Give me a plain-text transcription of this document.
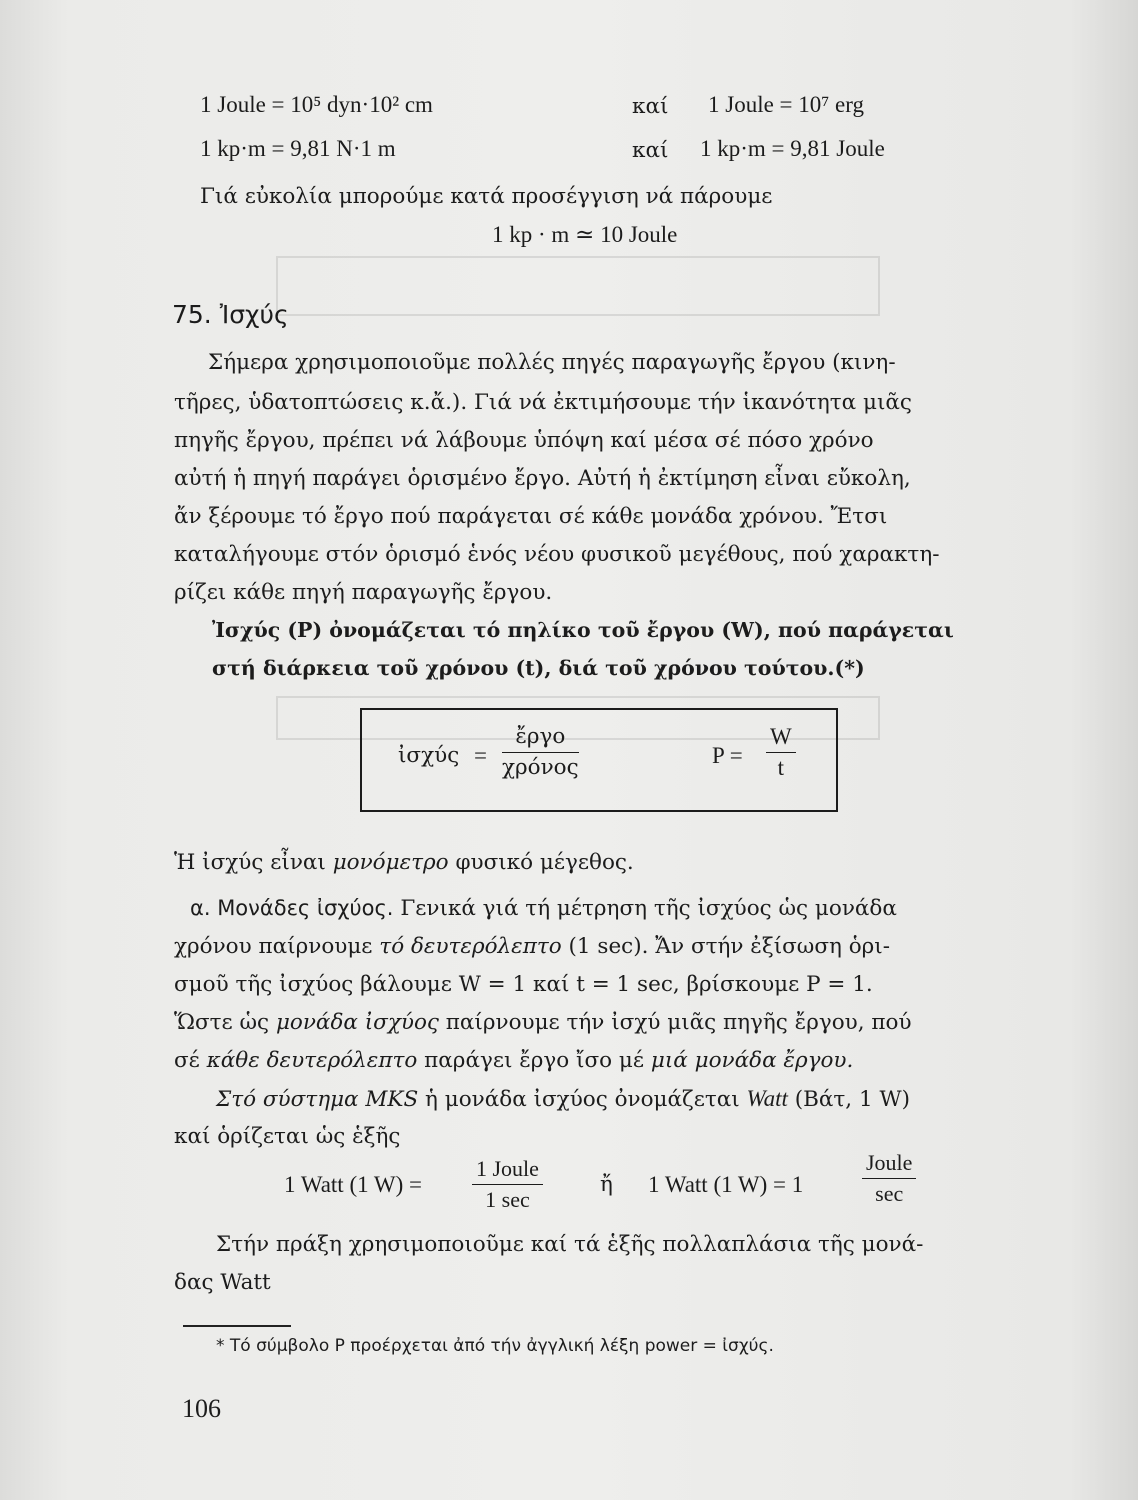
1 Joule = 10⁵ dyn·10² cm	καί 1 Joule = 10⁷ erg
1 kp·m = 9,81 N·1 m	καί 1 kp·m = 9,81 Joule
Γιά εὐκολία μπορούμε κατά προσέγγιση νά πάρουμε
1 kp · m ≃ 10 Joule
75. Ἰσχύς
Σήμερα χρησιμοποιοῦμε πολλές πηγές παραγωγῆς ἔργου (κινη-
τῆρες, ὑδατοπτώσεις κ.ἄ.). Γιά νά ἐκτιμήσουμε τήν ἱκανότητα μιᾶς
πηγῆς ἔργου, πρέπει νά λάβουμε ὑπόψη καί μέσα σέ πόσο χρόνο
αὐτή ἡ πηγή παράγει ὁρισμένο ἔργο. Αὐτή ἡ ἐκτίμηση εἶναι εὔκολη,
ἄν ξέρουμε τό ἔργο πού παράγεται σέ κάθε μονάδα χρόνου. Ἔτσι
καταλήγουμε στόν ὁρισμό ἑνός νέου φυσικοῦ μεγέθους, πού χαρακτη-
ρίζει κάθε πηγή παραγωγῆς ἔργου.
Ἰσχύς (P) ὀνομάζεται τό πηλίκο τοῦ ἔργου (W), πού παράγεται
στή διάρκεια τοῦ χρόνου (t), διά τοῦ χρόνου τούτου.(*)
ἰσχύς = $\frac{\text{ἔργο}}{\text{χρόνος}}$	$P = \frac{W}{t}$
Ἡ ἰσχύς εἶναι μονόμετρο φυσικό μέγεθος.
α. Μονάδες ἰσχύος. Γενικά γιά τή μέτρηση τῆς ἰσχύος ὡς μονάδα
χρόνου παίρνουμε τό δευτερόλεπτο (1 sec). Ἄν στήν ἐξίσωση ὁρι-
σμοῦ τῆς ἰσχύος βάλουμε W = 1 καί t = 1 sec, βρίσκουμε P = 1.
Ὥστε ὡς μονάδα ἰσχύος παίρνουμε τήν ἰσχύ μιᾶς πηγῆς ἔργου, πού
σέ κάθε δευτερόλεπτο παράγει ἔργο ἴσο μέ μιά μονάδα ἔργου.
Στό σύστημα MKS ἡ μονάδα ἰσχύος ὀνομάζεται Watt (Βάτ, 1 W)
καί ὁρίζεται ὡς ἑξῆς
1 Watt (1 $W) = \frac{\text{1 Joule}}{1 \sec}$	ἤ 1 Watt (1 W) = 1	$\frac{\text{Joule}}{\sec}$
Στήν πράξη χρησιμοποιοῦμε καί τά ἑξῆς πολλαπλάσια τῆς μονά-
δας Watt
* Τό σύμβολο P προέρχεται ἀπό τήν ἀγγλική λέξη power = ἰσχύς.
106
